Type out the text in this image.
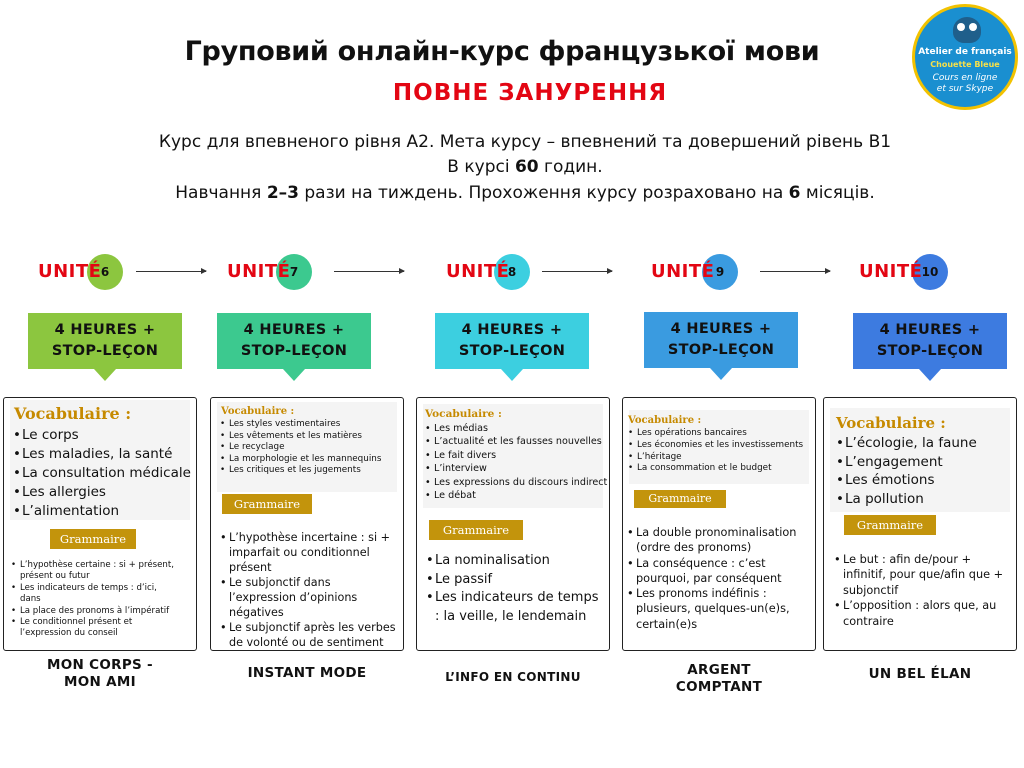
Груповий онлайн-курс французької мови
ПОВНЕ ЗАНУРЕННЯ
Курс для впевненого рівня А2. Мета курсу – впевнений та довершений рівень В1
В курсі 60 годин.
Навчання 2–3 рази на тиждень. Прохоження курсу розраховано на 6 місяців.
Atelier de français
Chouette Bleue
Cours en ligne
et sur Skype
6
UNITÉ	7
UNITÉ	8
UNITÉ	9
UNITÉ	10
UNITÉ
4 HEURES +
STOP-LEÇON
4 HEURES +
STOP-LEÇON
4 HEURES +
STOP-LEÇON
4 HEURES +
STOP-LEÇON
4 HEURES +
STOP-LEÇON
Vocabulaire :
• Le corps
• Les maladies, la santé
• La consultation médicale
• Les allergies
• L’alimentation
Grammaire
• L’hypothèse certaine : si + présent, présent ou futur
• Les indicateurs de temps : d’ici, dans
• La place des pronoms à l’impératif
• Le conditionnel présent et l’expression du conseil
Vocabulaire :
• Les styles vestimentaires
• Les vêtements et les matières
• Le recyclage
• La morphologie et les mannequins
• Les critiques et les jugements
Grammaire
• L’hypothèse incertaine : si + imparfait ou conditionnel présent
• Le subjonctif dans l’expression d’opinions négatives
• Le subjonctif après les verbes de volonté ou de sentiment
Vocabulaire :
• Les médias
• L’actualité et les fausses nouvelles
• Le fait divers
• L’interview
• Les expressions du discours indirect
• Le débat
Grammaire
• La nominalisation
• Le passif
• Les indicateurs de temps : la veille, le lendemain
Vocabulaire :
• Les opérations bancaires
• Les économies et les investissements
• L’héritage
• La consommation et le budget
Grammaire
• La double pronominalisation (ordre des pronoms)
• La conséquence : c’est pourquoi, par conséquent
• Les pronoms indéfinis : plusieurs, quelques-un(e)s, certain(e)s
Vocabulaire :
• L’écologie, la faune
• L’engagement
• Les émotions
• La pollution
Grammaire
• Le but : afin de/pour + infinitif, pour que/afin que + subjonctif
• L’opposition : alors que, au contraire
MON CORPS -
MON AMI
INSTANT MODE	L’INFO EN CONTINU	ARGENT
COMPTANT
UN BEL ÉLAN
